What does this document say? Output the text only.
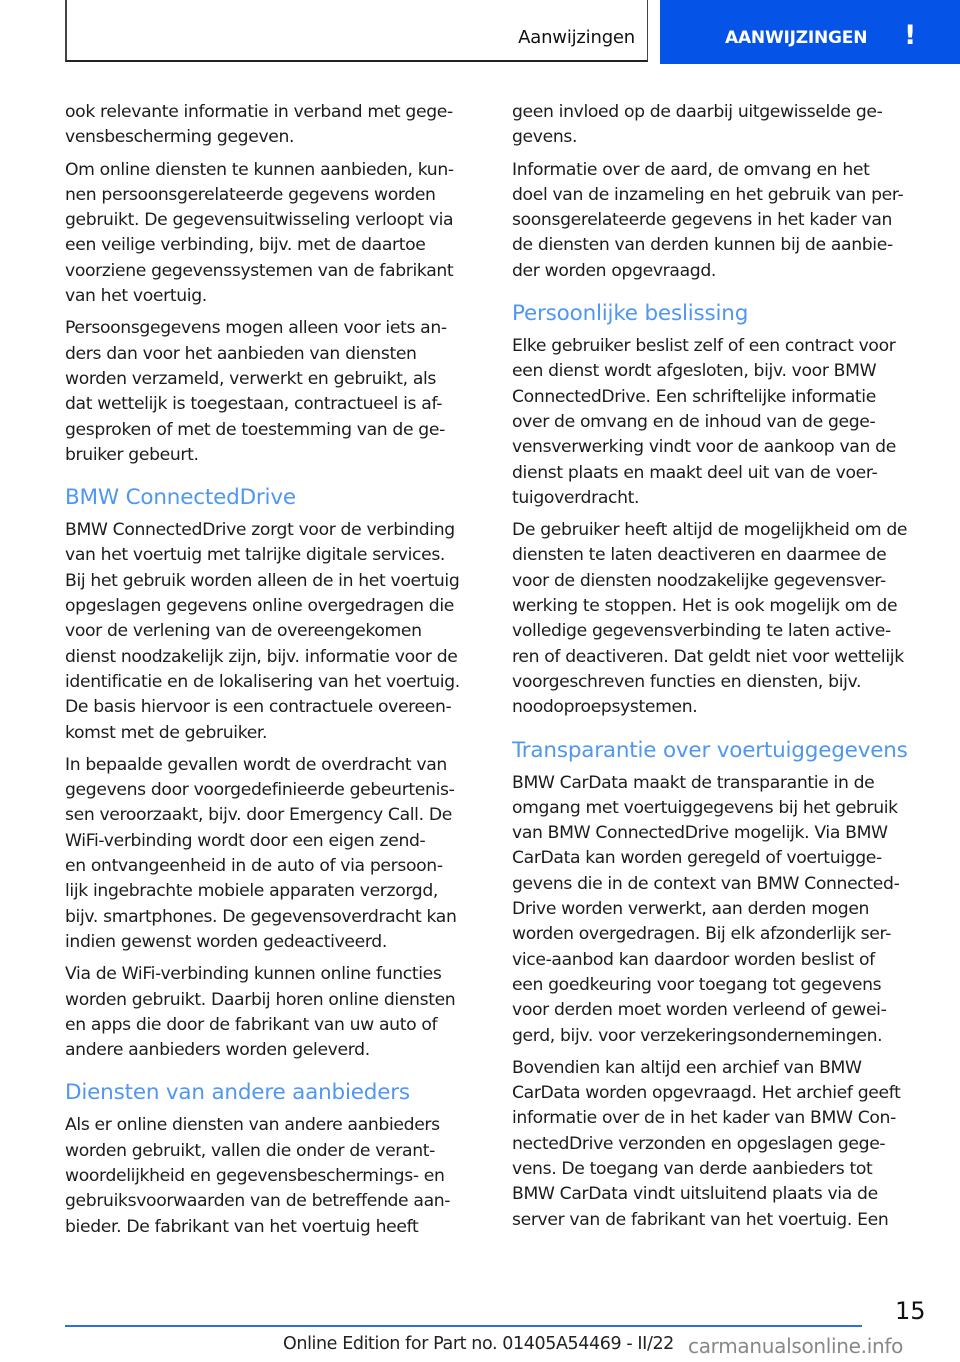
Aanwijzingen	AANWIJZINGEN !

ook relevante informatie in verband met gege-
vensbescherming gegeven.

Om online diensten te kunnen aanbieden, kun-
nen persoonsgerelateerde gegevens worden
gebruikt. De gegevensuitwisseling verloopt via
een veilige verbinding, bijv. met de daartoe
voorziene gegevenssystemen van de fabrikant
van het voertuig.

Persoonsgegevens mogen alleen voor iets an-
ders dan voor het aanbieden van diensten
worden verzameld, verwerkt en gebruikt, als
dat wettelijk is toegestaan, contractueel is af-
gesproken of met de toestemming van de ge-
bruiker gebeurt.

BMW ConnectedDrive

BMW ConnectedDrive zorgt voor de verbinding
van het voertuig met talrijke digitale services.
Bij het gebruik worden alleen de in het voertuig
opgeslagen gegevens online overgedragen die
voor de verlening van de overeengekomen
dienst noodzakelijk zijn, bijv. informatie voor de
identificatie en de lokalisering van het voertuig.
De basis hiervoor is een contractuele overeen-
komst met de gebruiker.

In bepaalde gevallen wordt de overdracht van
gegevens door voorgedefinieerde gebeurtenis-
sen veroorzaakt, bijv. door Emergency Call. De
WiFi-verbinding wordt door een eigen zend-
en ontvangeenheid in de auto of via persoon-
lijk ingebrachte mobiele apparaten verzorgd,
bijv. smartphones. De gegevensoverdracht kan
indien gewenst worden gedeactiveerd.

Via de WiFi-verbinding kunnen online functies
worden gebruikt. Daarbij horen online diensten
en apps die door de fabrikant van uw auto of
andere aanbieders worden geleverd.

Diensten van andere aanbieders

Als er online diensten van andere aanbieders
worden gebruikt, vallen die onder de verant-
woordelijkheid en gegevensbeschermings- en
gebruiksvoorwaarden van de betreffende aan-
bieder. De fabrikant van het voertuig heeft

geen invloed op de daarbij uitgewisselde ge-
gevens.

Informatie over de aard, de omvang en het
doel van de inzameling en het gebruik van per-
soonsgerelateerde gegevens in het kader van
de diensten van derden kunnen bij de aanbie-
der worden opgevraagd.

Persoonlijke beslissing

Elke gebruiker beslist zelf of een contract voor
een dienst wordt afgesloten, bijv. voor BMW
ConnectedDrive. Een schriftelijke informatie
over de omvang en de inhoud van de gege-
vensverwerking vindt voor de aankoop van de
dienst plaats en maakt deel uit van de voer-
tuigoverdracht.

De gebruiker heeft altijd de mogelijkheid om de
diensten te laten deactiveren en daarmee de
voor de diensten noodzakelijke gegevensver-
werking te stoppen. Het is ook mogelijk om de
volledige gegevensverbinding te laten active-
ren of deactiveren. Dat geldt niet voor wettelijk
voorgeschreven functies en diensten, bijv.
noodoproepsystemen.

Transparantie over voertuiggegevens

BMW CarData maakt de transparantie in de
omgang met voertuiggegevens bij het gebruik
van BMW ConnectedDrive mogelijk. Via BMW
CarData kan worden geregeld of voertuigge-
gevens die in de context van BMW Connected-
Drive worden verwerkt, aan derden mogen
worden overgedragen. Bij elk afzonderlijk ser-
vice-aanbod kan daardoor worden beslist of
een goedkeuring voor toegang tot gegevens
voor derden moet worden verleend of gewei-
gerd, bijv. voor verzekeringsondernemingen.

Bovendien kan altijd een archief van BMW
CarData worden opgevraagd. Het archief geeft
informatie over de in het kader van BMW Con-
nectedDrive verzonden en opgeslagen gege-
vens. De toegang van derde aanbieders tot
BMW CarData vindt uitsluitend plaats via de
server van de fabrikant van het voertuig. Een

15
Online Edition for Part no. 01405A54469 - II/22 carmanualsonline.info
